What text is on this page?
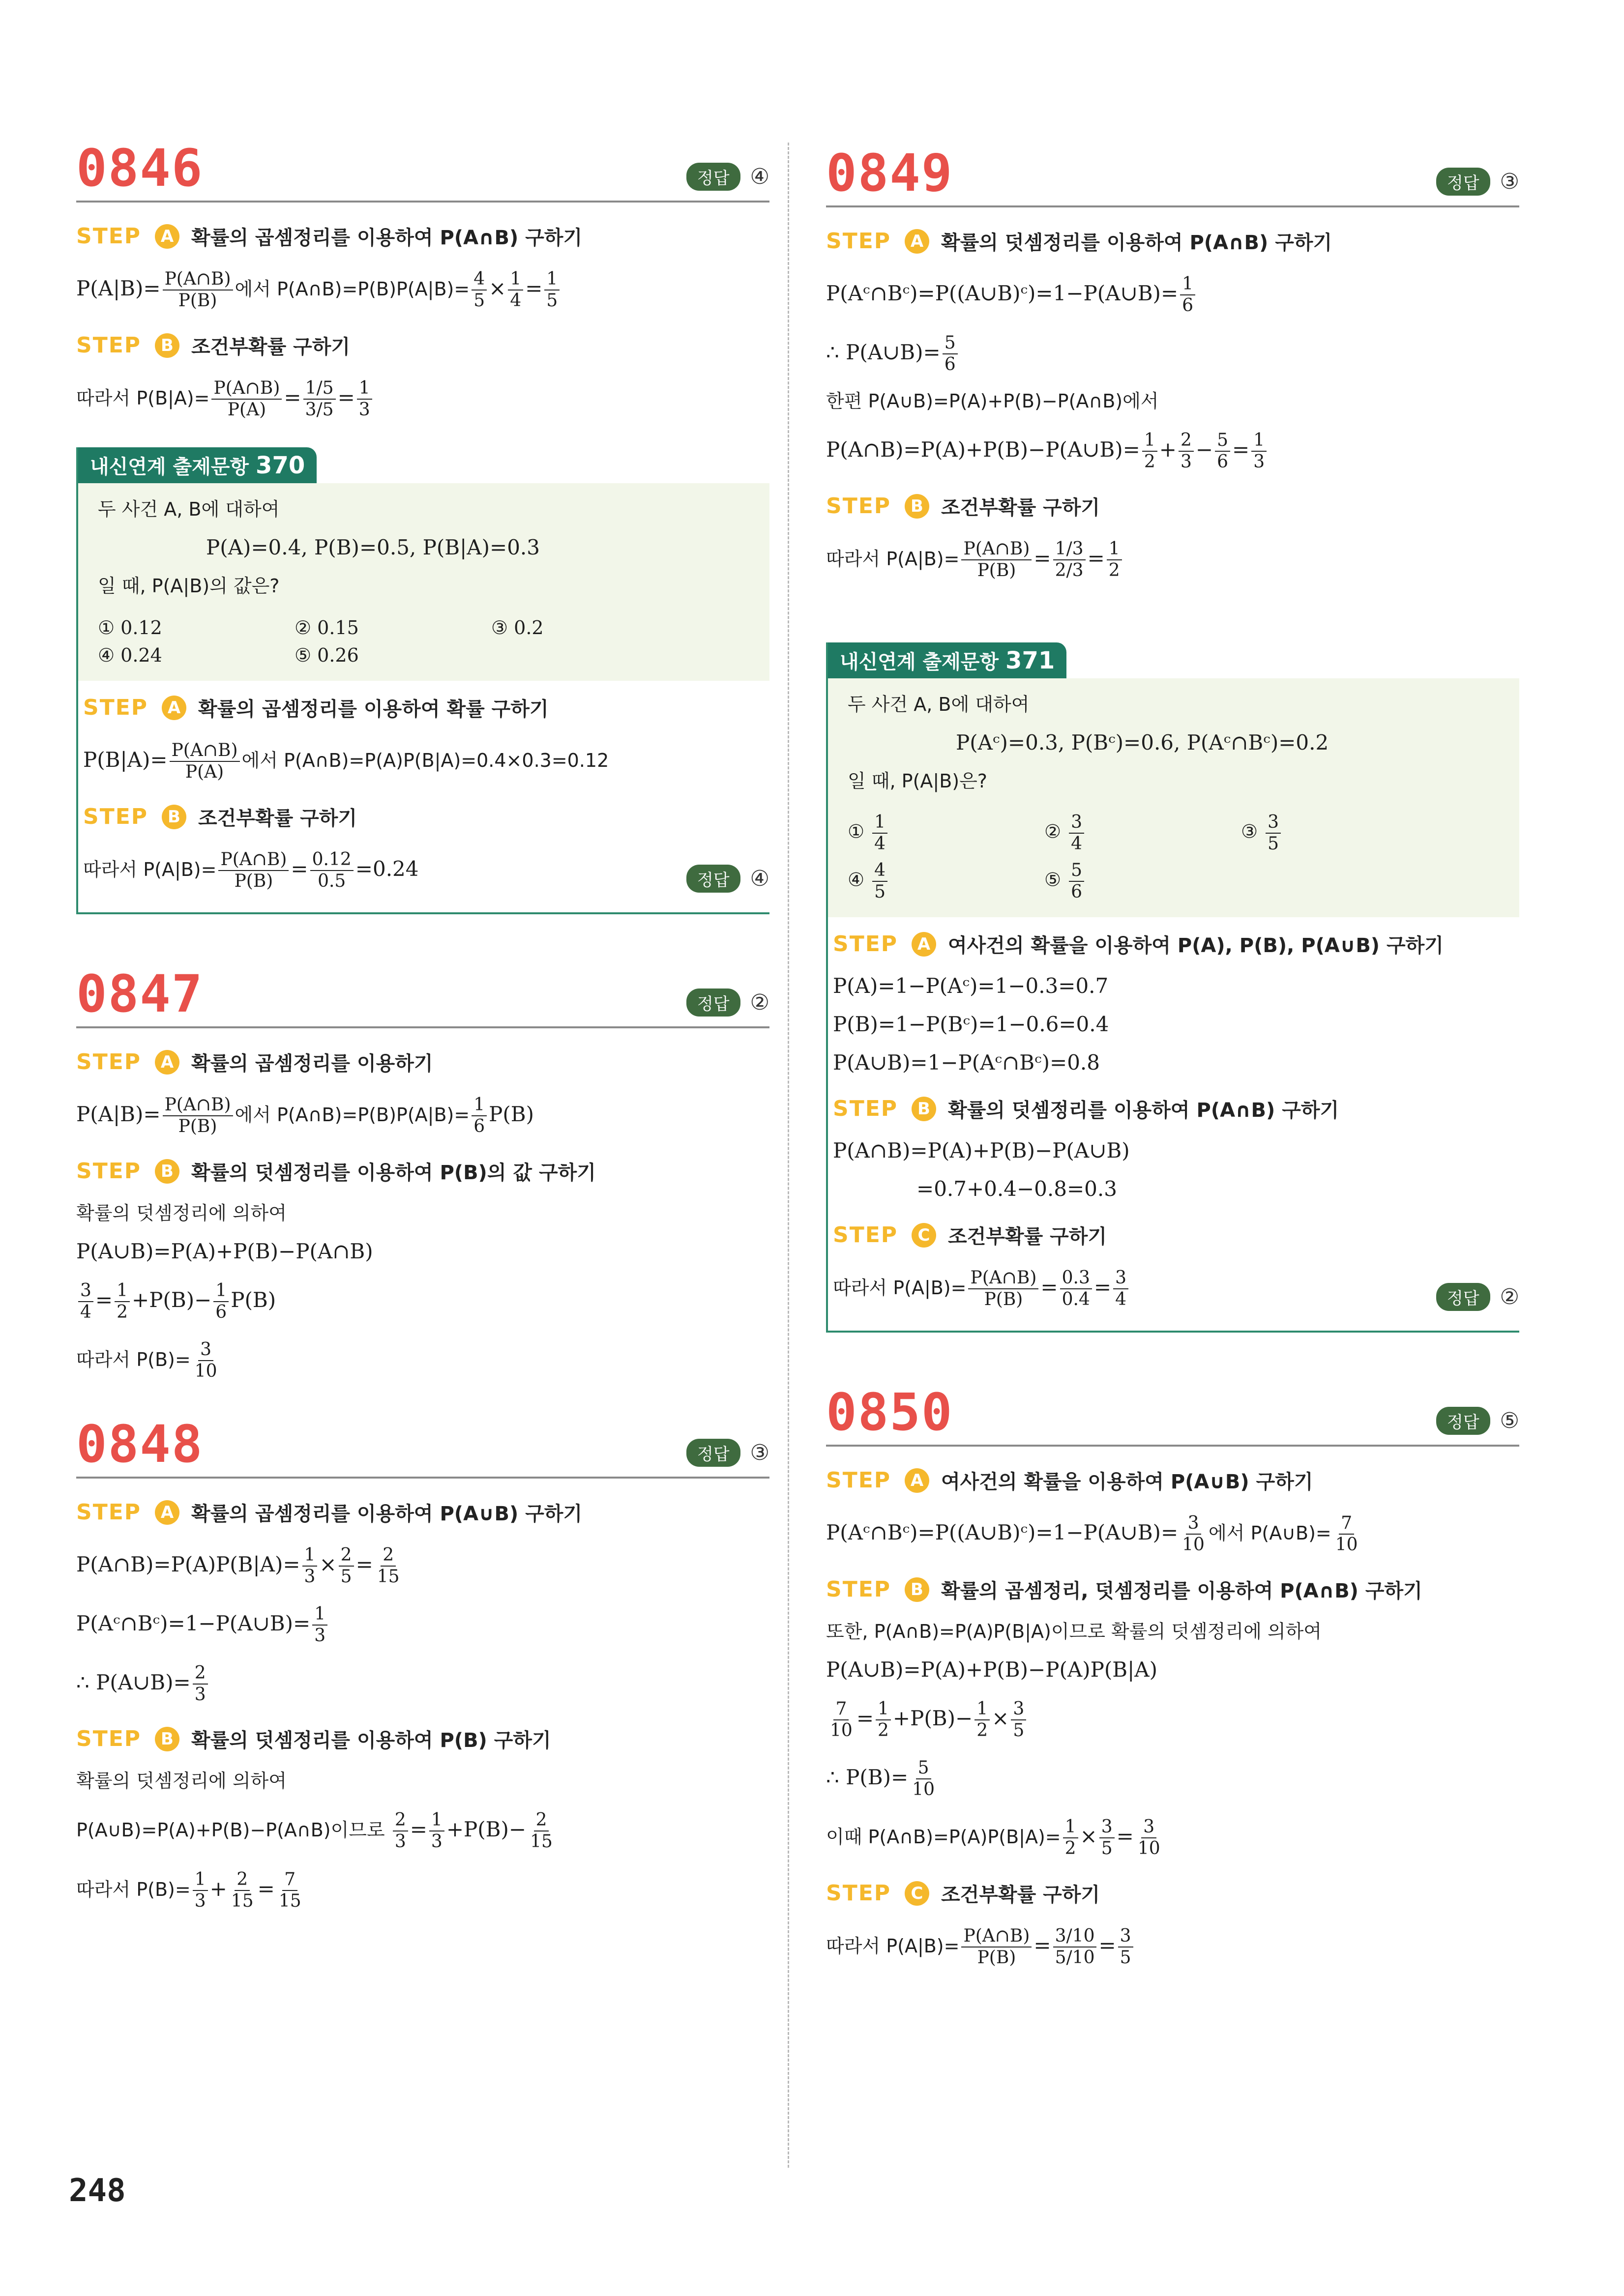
0846	정답 ④
STEP	A 확률의 곱셈정리를 이용하여 P(A∩B) 구하기
$P(A|B)= \frac{P(A\cap B)}{P(B)}$ 에서 P(A∩B)=P(B)P(A|B)= $\frac{4}{5} \times \frac{1}{4} = \frac{1}{5}$
STEP	B 조건부확률 구하기
따라서 $P(B|A)= \frac{P(A\cap B)}{P(A)} = \frac{1/5}{3/5} = \frac{1}{3}$
내신연계 출제문항 370
두 사건 A, B에 대하여
P(A)=0.4, P(B)=0.5, P(B|A)=0.3
일 때, P(A|B)의 값은?
① 0.12	② 0.15	③ 0.2
④ 0.24	⑤ 0.26
STEP	A 확률의 곱셈정리를 이용하여 확률 구하기
$P(B|A)= \frac{P(A\cap B)}{P(A)}$ 에서 P(A∩B)=P(A)P(B|A)=0.4×0.3=0.12
STEP	B 조건부확률 구하기
따라서 $P(A|B)= \frac{P(A\cap B)}{P(B)} = \frac{0.12}{0.5} =0.24$	정답 ④
0847	정답 ②
STEP	A 확률의 곱셈정리를 이용하기
$P(A|B)= \frac{P(A\cap B)}{P(B)}$ 에서 P(A∩B)=P(B)P(A|B)= $\frac{1}{6} P(B)$
STEP	B 확률의 덧셈정리를 이용하여 P(B)의 값 구하기
확률의 덧셈정리에 의하여
P(A∪B)=P(A)+P(B)−P(A∩B)
$\frac{3}{4} = \frac{1}{2} +P(B)- \frac{1}{6} P(B)$
따라서 $P(B)= \frac{3}{10}$
0848	정답 ③
STEP	A 확률의 곱셈정리를 이용하여 P(A∪B) 구하기
P(A∩B)=P(A)P(B|A)= $\frac{1}{3} \times \frac{2}{5} = \frac{2}{15}$
P(Aᶜ∩Bᶜ)=1−P(A∪B)= $\frac{1}{3}$
∴ P(A∪B)= $\frac{2}{3}$
STEP	B 확률의 덧셈정리를 이용하여 P(B) 구하기
확률의 덧셈정리에 의하여
P(A∪B)=P(A)+P(B)−P(A∩B)이므로 $\frac{2}{3} = \frac{1}{3} +P(B)- \frac{2}{15}$
따라서 $P(B)= \frac{1}{3} + \frac{2}{15} = \frac{7}{15}$
0849	정답 ③
STEP	A 확률의 덧셈정리를 이용하여 P(A∩B) 구하기
P(Aᶜ∩Bᶜ)=P((A∪B)ᶜ)=1−P(A∪B)= $\frac{1}{6}$
∴ P(A∪B)= $\frac{5}{6}$
한편 P(A∪B)=P(A)+P(B)−P(A∩B)에서
P(A∩B)=P(A)+P(B)−P(A∪B)= $\frac{1}{2} + \frac{2}{3} - \frac{5}{6} = \frac{1}{3}$
STEP	B 조건부확률 구하기
따라서 $P(A|B)= \frac{P(A\cap B)}{P(B)} = \frac{1/3}{2/3} = \frac{1}{2}$
내신연계 출제문항 371
두 사건 A, B에 대하여
P(Aᶜ)=0.3, P(Bᶜ)=0.6, P(Aᶜ∩Bᶜ)=0.2
일 때, P(A|B)은?
① $\frac{1}{4}$	② $\frac{3}{4}$	③ $\frac{3}{5}$
④ $\frac{4}{5}$	⑤ $\frac{5}{6}$
STEP	A 여사건의 확률을 이용하여 P(A), P(B), P(A∪B) 구하기
P(A)=1−P(Aᶜ)=1−0.3=0.7
P(B)=1−P(Bᶜ)=1−0.6=0.4
P(A∪B)=1−P(Aᶜ∩Bᶜ)=0.8
STEP	B 확률의 덧셈정리를 이용하여 P(A∩B) 구하기
P(A∩B)=P(A)+P(B)−P(A∪B)
=0.7+0.4−0.8=0.3
STEP	C 조건부확률 구하기
따라서 $P(A|B)= \frac{P(A\cap B)}{P(B)} = \frac{0.3}{0.4} = \frac{3}{4}$	정답 ②
0850	정답 ⑤
STEP	A 여사건의 확률을 이용하여 P(A∪B) 구하기
P(Aᶜ∩Bᶜ)=P((A∪B)ᶜ)=1−P(A∪B)= $\frac{3}{10}$ 에서 P(A∪B)= $\frac{7}{10}$
STEP	B 확률의 곱셈정리, 덧셈정리를 이용하여 P(A∩B) 구하기
또한, P(A∩B)=P(A)P(B|A)이므로 확률의 덧셈정리에 의하여
P(A∪B)=P(A)+P(B)−P(A)P(B|A)
$\frac{7}{10} = \frac{1}{2} +P(B)- \frac{1}{2} \times \frac{3}{5}$
∴ $P(B)= \frac{5}{10}$
이때 P(A∩B)=P(A)P(B|A)= $\frac{1}{2} \times \frac{3}{5} = \frac{3}{10}$
STEP	C 조건부확률 구하기
따라서 $P(A|B)= \frac{P(A\cap B)}{P(B)} = \frac{3/10}{5/10} = \frac{3}{5}$
248
